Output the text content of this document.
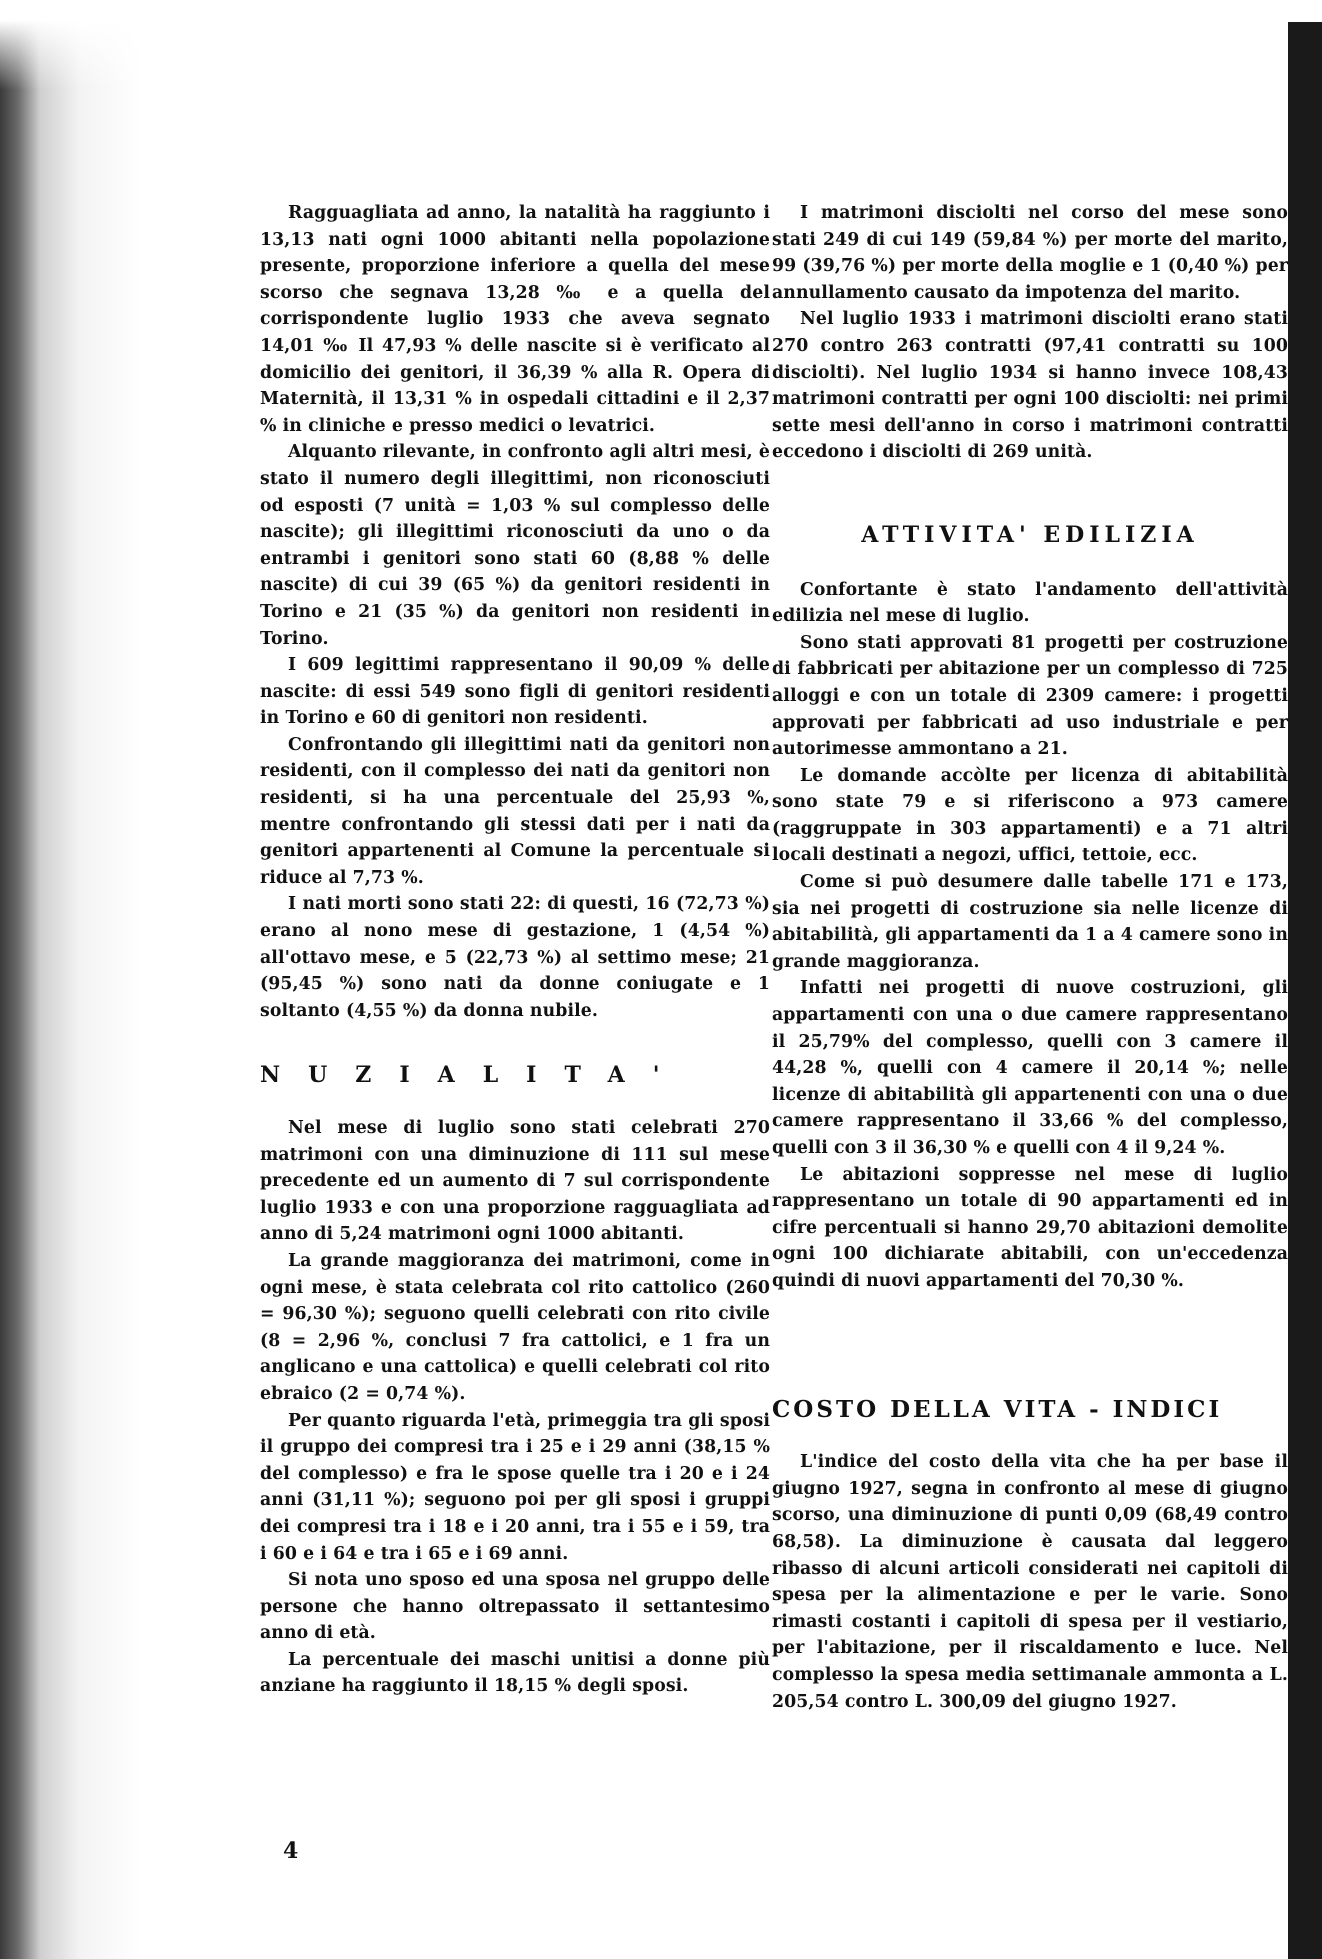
Ragguagliata ad anno, la natalità ha raggiunto i 13,13 nati ogni 1000 abitanti nella popolazione presente, proporzione inferiore a quella del mese scorso che segnava 13,28 ‰ e a quella del corrispondente luglio 1933 che aveva segnato 14,01 ‰ Il 47,93 % delle nascite si è verificato al domicilio dei genitori, il 36,39 % alla R. Opera di Maternità, il 13,31 % in ospedali cittadini e il 2,37 % in cliniche e presso medici o levatrici.

Alquanto rilevante, in confronto agli altri mesi, è stato il numero degli illegittimi, non riconosciuti od esposti (7 unità = 1,03 % sul complesso delle nascite); gli illegittimi riconosciuti da uno o da entrambi i genitori sono stati 60 (8,88 % delle nascite) di cui 39 (65 %) da genitori residenti in Torino e 21 (35 %) da genitori non residenti in Torino.

I 609 legittimi rappresentano il 90,09 % delle nascite: di essi 549 sono figli di genitori residenti in Torino e 60 di genitori non residenti.

Confrontando gli illegittimi nati da genitori non residenti, con il complesso dei nati da genitori non residenti, si ha una percentuale del 25,93 %, mentre confrontando gli stessi dati per i nati da genitori appartenenti al Comune la percentuale si riduce al 7,73 %.

I nati morti sono stati 22: di questi, 16 (72,73 %) erano al nono mese di gestazione, 1 (4,54 %) all'ottavo mese, e 5 (22,73 %) al settimo mese; 21 (95,45 %) sono nati da donne coniugate e 1 soltanto (4,55 %) da donna nubile.

NUZIALITA'

Nel mese di luglio sono stati celebrati 270 matrimoni con una diminuzione di 111 sul mese precedente ed un aumento di 7 sul corrispondente luglio 1933 e con una proporzione ragguagliata ad anno di 5,24 matrimoni ogni 1000 abitanti.

La grande maggioranza dei matrimoni, come in ogni mese, è stata celebrata col rito cattolico (260 = 96,30 %); seguono quelli celebrati con rito civile (8 = 2,96 %, conclusi 7 fra cattolici, e 1 fra un anglicano e una cattolica) e quelli celebrati col rito ebraico (2 = 0,74 %).

Per quanto riguarda l'età, primeggia tra gli sposi il gruppo dei compresi tra i 25 e i 29 anni (38,15 % del complesso) e fra le spose quelle tra i 20 e i 24 anni (31,11 %); seguono poi per gli sposi i gruppi dei compresi tra i 18 e i 20 anni, tra i 55 e i 59, tra i 60 e i 64 e tra i 65 e i 69 anni.

Si nota uno sposo ed una sposa nel gruppo delle persone che hanno oltrepassato il settantesimo anno di età.

La percentuale dei maschi unitisi a donne più anziane ha raggiunto il 18,15 % degli sposi.

I matrimoni disciolti nel corso del mese sono stati 249 di cui 149 (59,84 %) per morte del marito, 99 (39,76 %) per morte della moglie e 1 (0,40 %) per annullamento causato da impotenza del marito.

Nel luglio 1933 i matrimoni disciolti erano stati 270 contro 263 contratti (97,41 contratti su 100 disciolti). Nel luglio 1934 si hanno invece 108,43 matrimoni contratti per ogni 100 disciolti: nei primi sette mesi dell'anno in corso i matrimoni contratti eccedono i disciolti di 269 unità.

ATTIVITA' EDILIZIA

Confortante è stato l'andamento dell'attività edilizia nel mese di luglio.

Sono stati approvati 81 progetti per costruzione di fabbricati per abitazione per un complesso di 725 alloggi e con un totale di 2309 camere: i progetti approvati per fabbricati ad uso industriale e per autorimesse ammontano a 21.

Le domande accòlte per licenza di abitabilità sono state 79 e si riferiscono a 973 camere (raggruppate in 303 appartamenti) e a 71 altri locali destinati a negozi, uffici, tettoie, ecc.

Come si può desumere dalle tabelle 171 e 173, sia nei progetti di costruzione sia nelle licenze di abitabilità, gli appartamenti da 1 a 4 camere sono in grande maggioranza.

Infatti nei progetti di nuove costruzioni, gli appartamenti con una o due camere rappresentano il 25,79% del complesso, quelli con 3 camere il 44,28 %, quelli con 4 camere il 20,14 %; nelle licenze di abitabilità gli appartenenti con una o due camere rappresentano il 33,66 % del complesso, quelli con 3 il 36,30 % e quelli con 4 il 9,24 %.

Le abitazioni soppresse nel mese di luglio rappresentano un totale di 90 appartamenti ed in cifre percentuali si hanno 29,70 abitazioni demolite ogni 100 dichiarate abitabili, con un'eccedenza quindi di nuovi appartamenti del 70,30 %.

COSTO DELLA VITA - INDICI

L'indice del costo della vita che ha per base il giugno 1927, segna in confronto al mese di giugno scorso, una diminuzione di punti 0,09 (68,49 contro 68,58). La diminuzione è causata dal leggero ribasso di alcuni articoli considerati nei capitoli di spesa per la alimentazione e per le varie. Sono rimasti costanti i capitoli di spesa per il vestiario, per l'abitazione, per il riscaldamento e luce. Nel complesso la spesa media settimanale ammonta a L. 205,54 contro L. 300,09 del giugno 1927.

4
